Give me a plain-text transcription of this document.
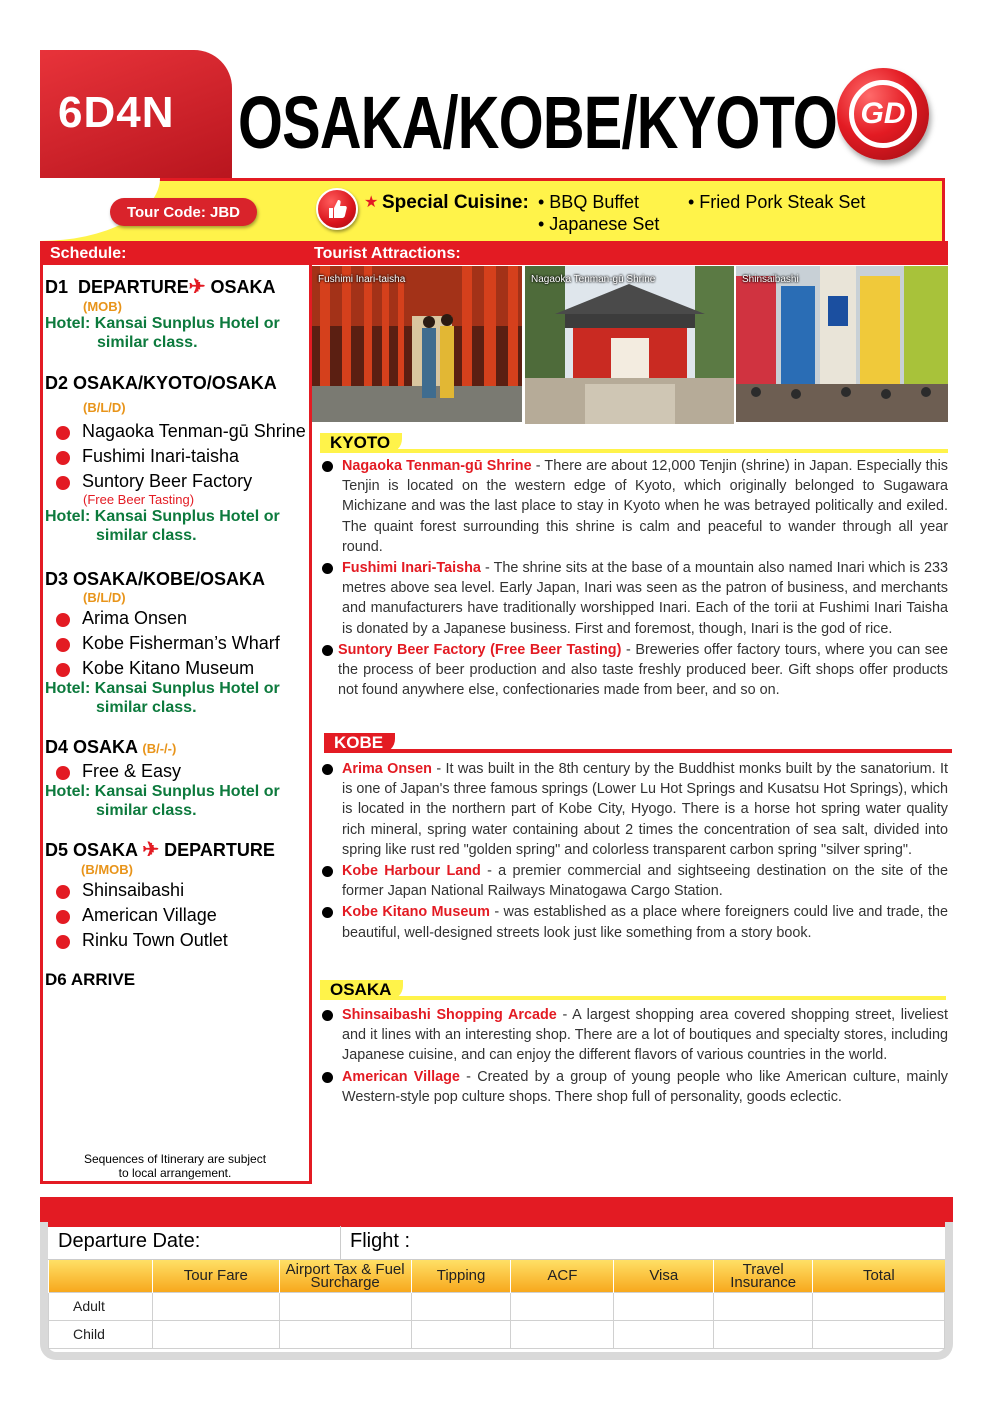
6D4N OSAKA/KOBE/KYOTO GD
Tour Code: JBD
★ Special Cuisine: • BBQ Buffet	• Fried Pork Steak Set
• Japanese Set
Schedule:	Tourist Attractions:
D1 DEPARTURE✈ OSAKA
(MOB)
Hotel: Kansai Sunplus Hotel or
similar class.
D2 OSAKA/KYOTO/OSAKA
(B/L/D)
Nagaoka Tenman-gū Shrine
Fushimi Inari-taisha
Suntory Beer Factory
(Free Beer Tasting)
Hotel: Kansai Sunplus Hotel or
similar class.
D3 OSAKA/KOBE/OSAKA
(B/L/D)
Arima Onsen
Kobe Fisherman’s Wharf
Kobe Kitano Museum
Hotel: Kansai Sunplus Hotel or
similar class.
D4 OSAKA (B/-/-)
Free & Easy
Hotel: Kansai Sunplus Hotel or
similar class.
D5 OSAKA ✈ DEPARTURE
(B/MOB)
Shinsaibashi
American Village
Rinku Town Outlet
D6 ARRIVE
Sequences of Itinerary are subject
to local arrangement.
Fushimi Inari-taisha	Nagaoka Tenman-gū Shrine	Shinsaibashi
KYOTO
Nagaoka Tenman-gū Shrine - There are about 12,000 Tenjin (shrine) in Japan. Especially this Tenjin is located on the western edge of Kyoto, which originally belonged to Sugawara Michizane and was the last place to stay in Kyoto when he was betrayed politically and exiled. The quaint forest surrounding this shrine is calm and peaceful to wander through all year round.
Fushimi Inari-Taisha - The shrine sits at the base of a mountain also named Inari which is 233 metres above sea level. Early Japan, Inari was seen as the patron of business, and merchants and manufacturers have traditionally worshipped Inari. Each of the torii at Fushimi Inari Taisha is donated by a Japanese business. First and foremost, though, Inari is the god of rice.
Suntory Beer Factory (Free Beer Tasting) - Breweries offer factory tours, where you can see the process of beer production and also taste freshly produced beer. Gift shops offer products not found anywhere else, confectionaries made from beer, and so on.
KOBE
Arima Onsen - It was built in the 8th century by the Buddhist monks built by the sanatorium. It is one of Japan's three famous springs (Lower Lu Hot Springs and Kusatsu Hot Springs), which is located in the northern part of Kobe City, Hyogo. There is a horse hot spring water quality rich mineral, spring water containing about 2 times the concentration of sea salt, divided into spring like rust red "golden spring" and colorless transparent carbon spring "silver spring".
Kobe Harbour Land - a premier commercial and sightseeing destination on the site of the former Japan National Railways Minatogawa Cargo Station.
Kobe Kitano Museum - was established as a place where foreigners could live and trade, the beautiful, well-designed streets look just like something from a story book.
OSAKA
Shinsaibashi Shopping Arcade - A largest shopping area covered shopping street, liveliest and it lines with an interesting shop. There are a lot of boutiques and specialty stores, including Japanese cuisine, and can enjoy the different flavors of various countries in the world.
American Village - Created by a group of young people who like American culture, mainly Western-style pop culture shops. There shop full of personality, goods eclectic.
Departure Date:	Flight :
	Tour Fare	Airport Tax & Fuel Surcharge	Tipping	ACF	Visa	Travel Insurance	Total
Adult							
Child							
